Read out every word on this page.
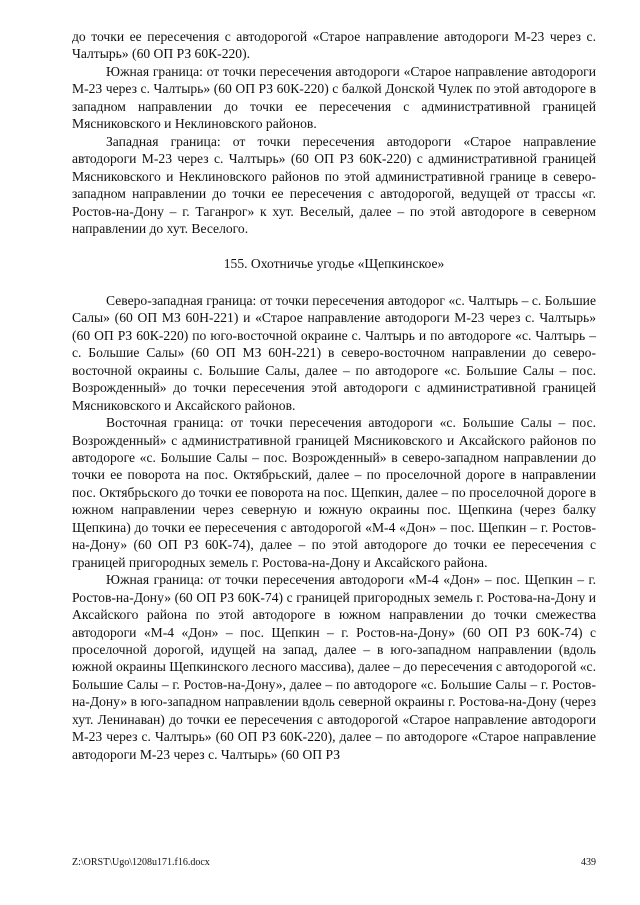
до точки ее пересечения с автодорогой «Старое направление автодороги М-23 через с. Чалтырь» (60 ОП РЗ 60К-220).

Южная граница: от точки пересечения автодороги «Старое направление автодороги М-23 через с. Чалтырь» (60 ОП РЗ 60К-220) с балкой Донской Чулек по этой автодороге в западном направлении до точки ее пересечения с административной границей Мясниковского и Неклиновского районов.

Западная граница: от точки пересечения автодороги «Старое направление автодороги М-23 через с. Чалтырь» (60 ОП РЗ 60К-220) с административной границей Мясниковского и Неклиновского районов по этой административной границе в северо-западном направлении до точки ее пересечения с автодорогой, ведущей от трассы «г. Ростов-на-Дону – г. Таганрог» к хут. Веселый, далее – по этой автодороге в северном направлении до хут. Веселого.

155. Охотничье угодье «Щепкинское»

Северо-западная граница: от точки пересечения автодорог «с. Чалтырь – с. Большие Салы» (60 ОП МЗ 60Н-221) и «Старое направление автодороги М-23 через с. Чалтырь» (60 ОП РЗ 60К-220) по юго-восточной окраине с. Чалтырь и по автодороге «с. Чалтырь – с. Большие Салы» (60 ОП МЗ 60Н-221) в северо-восточном направлении до северо-восточной окраины с. Большие Салы, далее – по автодороге «с. Большие Салы – пос. Возрожденный» до точки пересечения этой автодороги с административной границей Мясниковского и Аксайского районов.

Восточная граница: от точки пересечения автодороги «с. Большие Салы – пос. Возрожденный» с административной границей Мясниковского и Аксайского районов по автодороге «с. Большие Салы – пос. Возрожденный» в северо-западном направлении до точки ее поворота на пос. Октябрьский, далее – по проселочной дороге в направлении пос. Октябрьского до точки ее поворота на пос. Щепкин, далее – по проселочной дороге в южном направлении через северную и южную окраины пос. Щепкина (через балку Щепкина) до точки ее пересечения с автодорогой «М-4 «Дон» – пос. Щепкин – г. Ростов-на-Дону» (60 ОП РЗ 60К-74), далее – по этой автодороге до точки ее пересечения с границей пригородных земель г. Ростова-на-Дону и Аксайского района.

Южная граница: от точки пересечения автодороги «М-4 «Дон» – пос. Щепкин – г. Ростов-на-Дону» (60 ОП РЗ 60К-74) с границей пригородных земель г. Ростова-на-Дону и Аксайского района по этой автодороге в южном направлении до точки смежества автодороги «М-4 «Дон» – пос. Щепкин – г. Ростов-на-Дону» (60 ОП РЗ 60К-74) с проселочной дорогой, идущей на запад, далее – в юго-западном направлении (вдоль южной окраины Щепкинского лесного массива), далее – до пересечения с автодорогой «с. Большие Салы – г. Ростов-на-Дону», далее – по автодороге «с. Большие Салы – г. Ростов-на-Дону» в юго-западном направлении вдоль северной окраины г. Ростова-на-Дону (через хут. Ленинаван) до точки ее пересечения с автодорогой «Старое направление автодороги М-23 через с. Чалтырь» (60 ОП РЗ 60К-220), далее – по автодороге «Старое направление автодороги М-23 через с. Чалтырь» (60 ОП РЗ

Z:\ORST\Ugo\1208u171.f16.docx	439
